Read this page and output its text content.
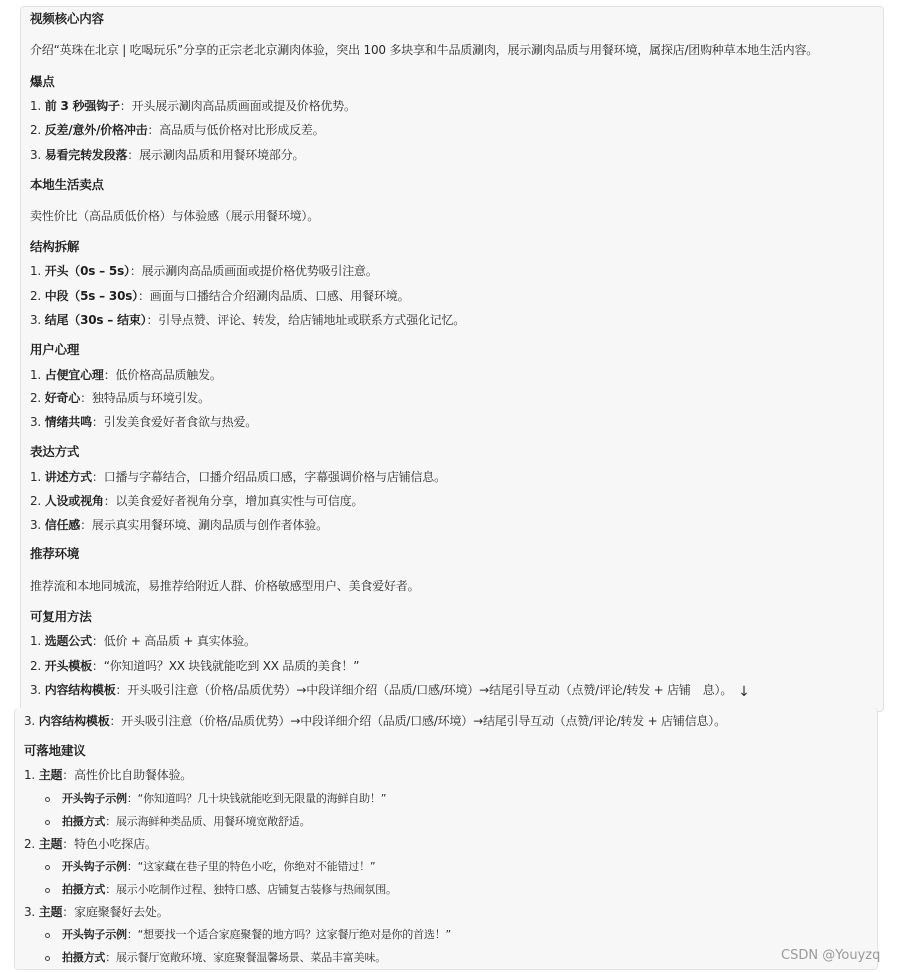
视频核心内容
介绍“英珠在北京 | 吃喝玩乐”分享的正宗老北京涮肉体验，突出 100 多块享和牛品质涮肉，展示涮肉品质与用餐环境，属探店/团购种草本地生活内容。
爆点
1. 前 3 秒强钩子：开头展示涮肉高品质画面或提及价格优势。
2. 反差/意外/价格冲击：高品质与低价格对比形成反差。
3. 易看完转发段落：展示涮肉品质和用餐环境部分。
本地生活卖点
卖性价比（高品质低价格）与体验感（展示用餐环境）。
结构拆解
1. 开头（0s – 5s）：展示涮肉高品质画面或提价格优势吸引注意。
2. 中段（5s – 30s）：画面与口播结合介绍涮肉品质、口感、用餐环境。
3. 结尾（30s – 结束）：引导点赞、评论、转发，给店铺地址或联系方式强化记忆。
用户心理
1. 占便宜心理：低价格高品质触发。
2. 好奇心：独特品质与环境引发。
3. 情绪共鸣：引发美食爱好者食欲与热爱。
表达方式
1. 讲述方式：口播与字幕结合，口播介绍品质口感，字幕强调价格与店铺信息。
2. 人设或视角：以美食爱好者视角分享，增加真实性与可信度。
3. 信任感：展示真实用餐环境、涮肉品质与创作者体验。
推荐环境
推荐流和本地同城流，易推荐给附近人群、价格敏感型用户、美食爱好者。
可复用方法
1. 选题公式：低价 + 高品质 + 真实体验。
2. 开头模板：“你知道吗？XX 块钱就能吃到 XX 品质的美食！”
3. 内容结构模板：开头吸引注意（价格/品质优势）→中段详细介绍（品质/口感/环境）→结尾引导互动（点赞/评论/转发 + 店铺 息）。 ↓
3. 内容结构模板：开头吸引注意（价格/品质优势）→中段详细介绍（品质/口感/环境）→结尾引导互动（点赞/评论/转发 + 店铺信息）。
可落地建议
1. 主题：高性价比自助餐体验。
开头钩子示例：“你知道吗？几十块钱就能吃到无限量的海鲜自助！”
拍摄方式：展示海鲜种类品质、用餐环境宽敞舒适。
2. 主题：特色小吃探店。
开头钩子示例：“这家藏在巷子里的特色小吃，你绝对不能错过！”
拍摄方式：展示小吃制作过程、独特口感、店铺复古装修与热闹氛围。
3. 主题：家庭聚餐好去处。
开头钩子示例：“想要找一个适合家庭聚餐的地方吗？这家餐厅绝对是你的首选！”
拍摄方式：展示餐厅宽敞环境、家庭聚餐温馨场景、菜品丰富美味。	CSDN @Youyzq
